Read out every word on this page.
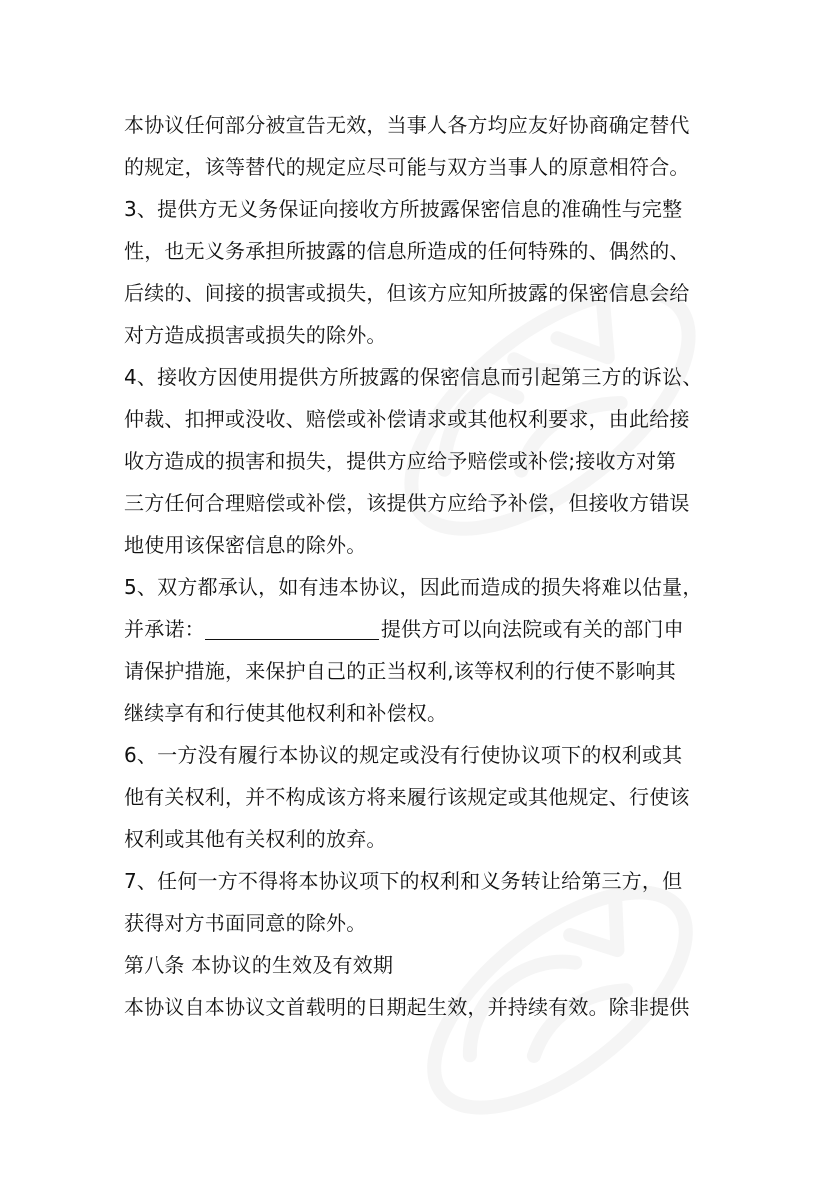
本协议任何部分被宣告无效，当事人各方均应友好协商确定替代
的规定，该等替代的规定应尽可能与双方当事人的原意相符合。
3、提供方无义务保证向接收方所披露保密信息的准确性与完整
性，也无义务承担所披露的信息所造成的任何特殊的、偶然的、
后续的、间接的损害或损失，但该方应知所披露的保密信息会给
对方造成损害或损失的除外。
4、接收方因使用提供方所披露的保密信息而引起第三方的诉讼、
仲裁、扣押或没收、赔偿或补偿请求或其他权利要求，由此给接
收方造成的损害和损失，提供方应给予赔偿或补偿;接收方对第
三方任何合理赔偿或补偿，该提供方应给予补偿，但接收方错误
地使用该保密信息的除外。
5、双方都承认，如有违本协议，因此而造成的损失将难以估量，
并承诺：	提供方可以向法院或有关的部门申
请保护措施，来保护自己的正当权利,该等权利的行使不影响其
继续享有和行使其他权利和补偿权。
6、一方没有履行本协议的规定或没有行使协议项下的权利或其
他有关权利，并不构成该方将来履行该规定或其他规定、行使该
权利或其他有关权利的放弃。
7、任何一方不得将本协议项下的权利和义务转让给第三方，但
获得对方书面同意的除外。
第八条 本协议的生效及有效期
本协议自本协议文首载明的日期起生效，并持续有效。除非提供
